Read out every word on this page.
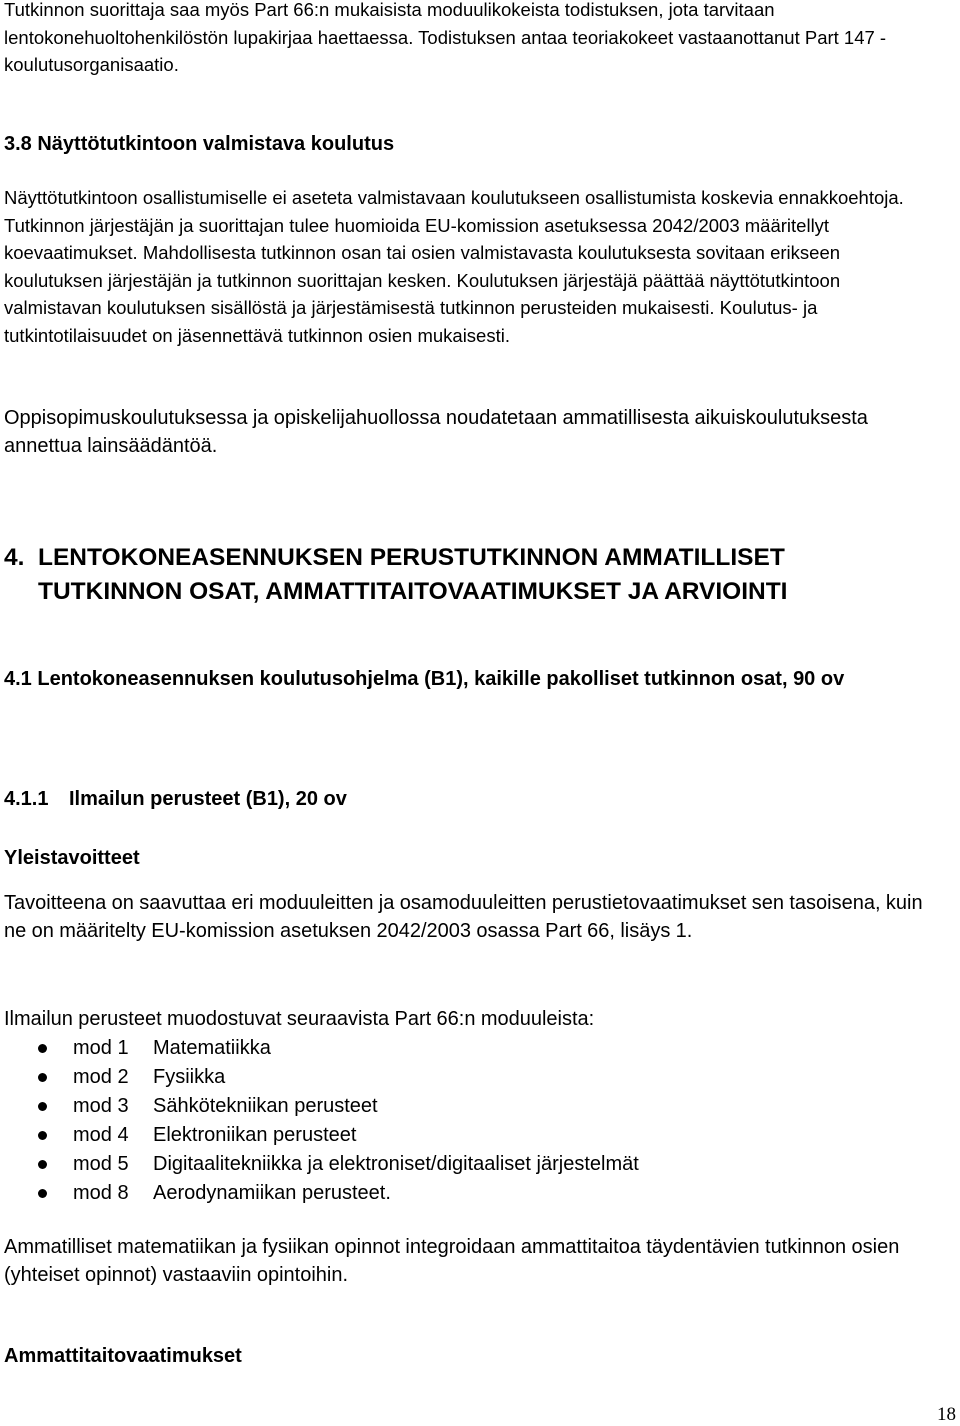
Tutkinnon suorittaja saa myös Part 66:n mukaisista moduulikokeista todistuksen, jota tarvitaan lentokonehuoltohenkilöstön lupakirjaa haettaessa. Todistuksen antaa teoriakokeet vastaanottanut Part 147 -koulutusorganisaatio.

3.8 Näyttötutkintoon valmistava koulutus

Näyttötutkintoon osallistumiselle ei aseteta valmistavaan koulutukseen osallistumista koskevia ennakkoehtoja. Tutkinnon järjestäjän ja suorittajan tulee huomioida EU-komission asetuksessa 2042/2003 määritellyt koevaatimukset. Mahdollisesta tutkinnon osan tai osien valmistavasta koulutuksesta sovitaan erikseen koulutuksen järjestäjän ja tutkinnon suorittajan kesken. Koulutuksen järjestäjä päättää näyttötutkintoon valmistavan koulutuksen sisällöstä ja järjestämisestä tutkinnon perusteiden mukaisesti. Koulutus- ja tutkintotilaisuudet on jäsennettävä tutkinnon osien mukaisesti.

Oppisopimuskoulutuksessa ja opiskelijahuollossa noudatetaan ammatillisesta aikuiskoulutuksesta annettua lainsäädäntöä.

4. LENTOKONEASENNUKSEN PERUSTUTKINNON AMMATILLISET
TUTKINNON OSAT, AMMATTITAITOVAATIMUKSET JA ARVIOINTI
4.1 Lentokoneasennuksen koulutusohjelma (B1), kaikille pakolliset tutkinnon osat, 90 ov
4.1.1 Ilmailun perusteet (B1), 20 ov
Yleistavoitteet

Tavoitteena on saavuttaa eri moduuleitten ja osamoduuleitten perustietovaatimukset sen tasoisena, kuin ne on määritelty EU-komission asetuksen 2042/2003 osassa Part 66, lisäys 1.

Ilmailun perusteet muodostuvat seuraavista Part 66:n moduuleista:

mod 1 Matematiikka
mod 2 Fysiikka
mod 3 Sähkötekniikan perusteet
mod 4 Elektroniikan perusteet
mod 5 Digitaalitekniikka ja elektroniset/digitaaliset järjestelmät
mod 8 Aerodynamiikan perusteet.

Ammatilliset matematiikan ja fysiikan opinnot integroidaan ammattitaitoa täydentävien tutkinnon osien (yhteiset opinnot) vastaaviin opintoihin.

Ammattitaitovaatimukset
18
